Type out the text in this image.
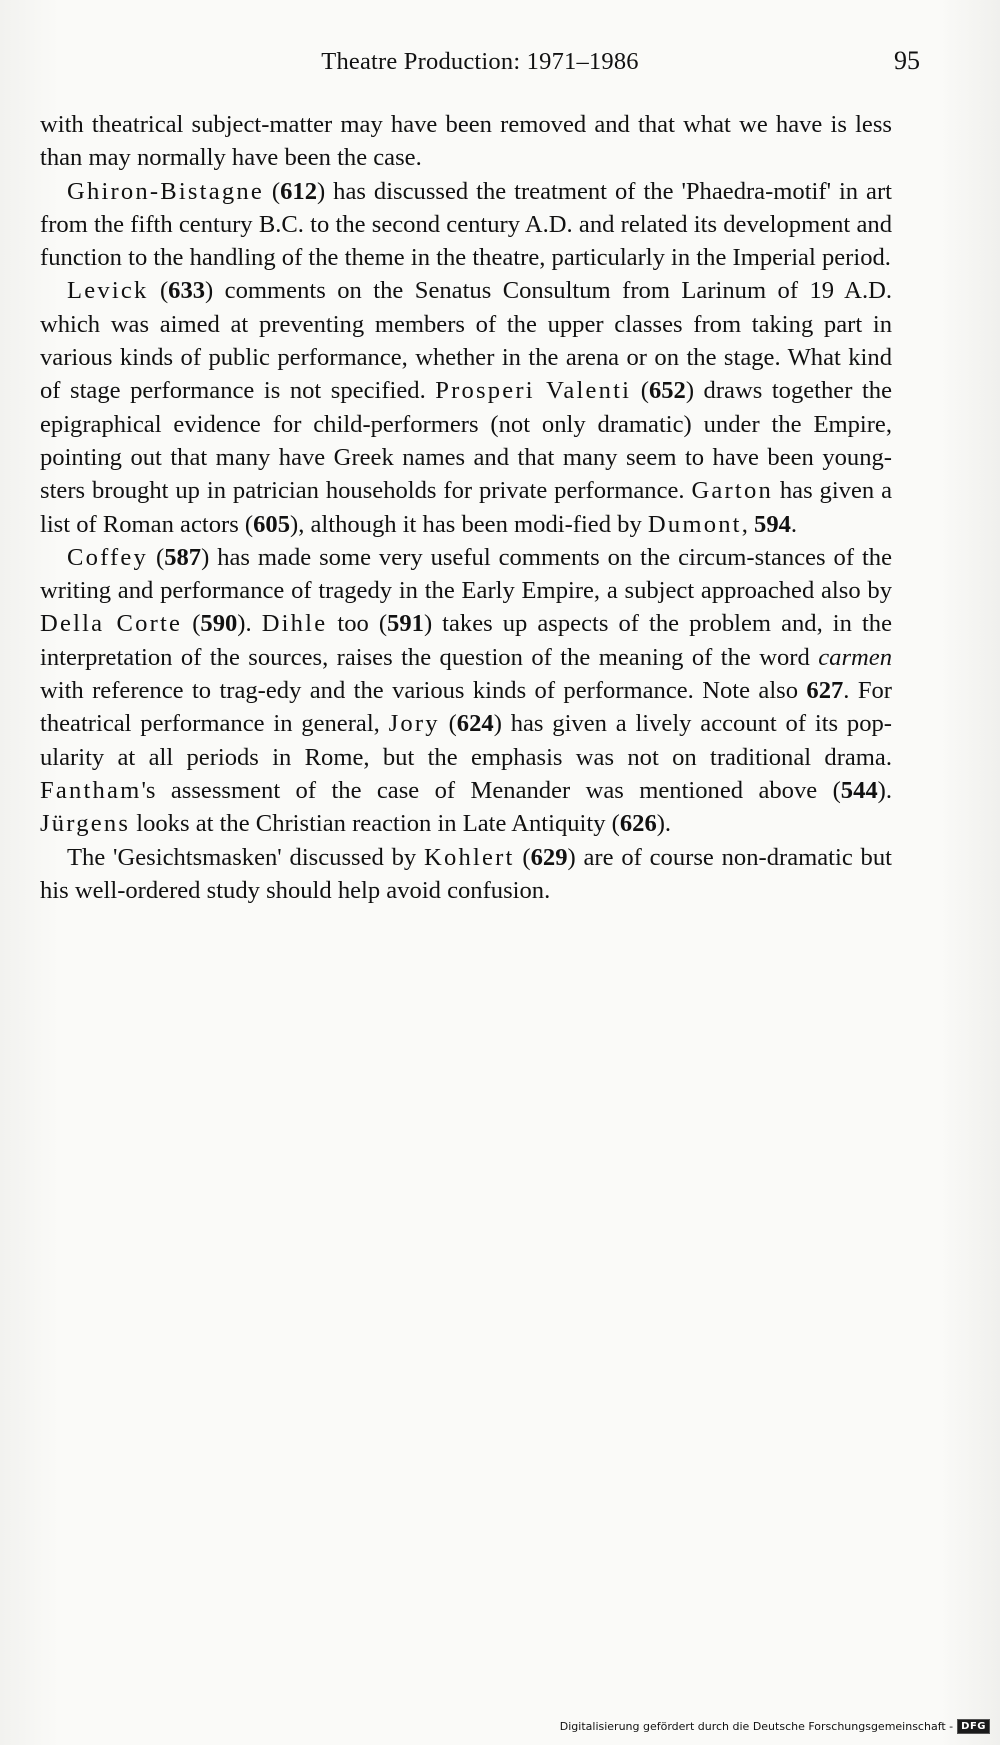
Theatre Production: 1971–1986	95

with theatrical subject-matter may have been removed and that what we have is less than may normally have been the case.

Ghiron-Bistagne (612) has discussed the treatment of the 'Phaedra-motif' in art from the fifth century B.C. to the second century A.D. and related its development and function to the handling of the theme in the theatre, particularly in the Imperial period.

Levick (633) comments on the Senatus Consultum from Larinum of 19 A.D. which was aimed at preventing members of the upper classes from taking part in various kinds of public performance, whether in the arena or on the stage. What kind of stage performance is not specified. Prosperi Valenti (652) draws together the epigraphical evidence for child-performers (not only dramatic) under the Empire, pointing out that many have Greek names and that many seem to have been young-sters brought up in patrician households for private performance. Garton has given a list of Roman actors (605), although it has been modi-fied by Dumont, 594.

Coffey (587) has made some very useful comments on the circum-stances of the writing and performance of tragedy in the Early Empire, a subject approached also by Della Corte (590). Dihle too (591) takes up aspects of the problem and, in the interpretation of the sources, raises the question of the meaning of the word carmen with reference to trag-edy and the various kinds of performance. Note also 627. For theatrical performance in general, Jory (624) has given a lively account of its pop-ularity at all periods in Rome, but the emphasis was not on traditional drama. Fantham's assessment of the case of Menander was mentioned above (544). Jürgens looks at the Christian reaction in Late Antiquity (626).

The 'Gesichtsmasken' discussed by Kohlert (629) are of course non-dramatic but his well-ordered study should help avoid confusion.

Digitalisierung gefördert durch die Deutsche Forschungsgemeinschaft - DFG
